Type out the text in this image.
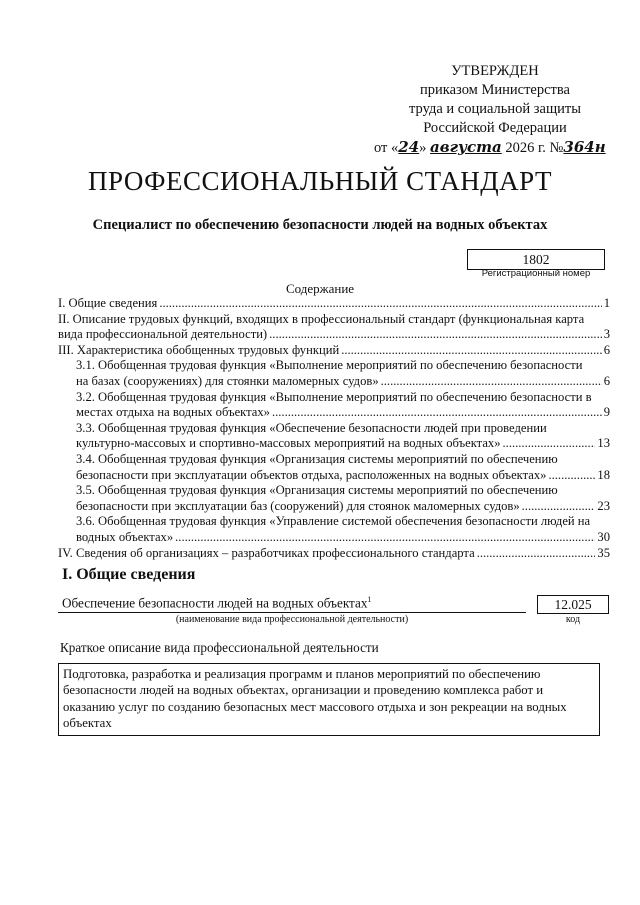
УТВЕРЖДЕН
приказом Министерства
труда и социальной защиты
Российской Федерации
от «24» августа 2026 г. №364н
ПРОФЕССИОНАЛЬНЫЙ СТАНДАРТ
Специалист по обеспечению безопасности людей на водных объектах
1802
Регистрационный номер
Содержание
I. Общие сведения .....	1
II. Описание трудовых функций, входящих в профессиональный стандарт (функциональная карта
вида профессиональной деятельности) .....	3
III. Характеристика обобщенных трудовых функций .....	6
3.1. Обобщенная трудовая функция «Выполнение мероприятий по обеспечению безопасности
на базах (сооружениях) для стоянки маломерных судов» .....	6
3.2. Обобщенная трудовая функция «Выполнение мероприятий по обеспечению безопасности в
местах отдыха на водных объектах» .....	9
3.3. Обобщенная трудовая функция «Обеспечение безопасности людей при проведении
культурно-массовых и спортивно-массовых мероприятий на водных объектах» .....	13
3.4. Обобщенная трудовая функция «Организация системы мероприятий по обеспечению
безопасности при эксплуатации объектов отдыха, расположенных на водных объектах» .....	18
3.5. Обобщенная трудовая функция «Организация системы мероприятий по обеспечению
безопасности при эксплуатации баз (сооружений) для стоянок маломерных судов» .....	23
3.6. Обобщенная трудовая функция «Управление системой обеспечения безопасности людей на
водных объектах» .....	30
IV. Сведения об организациях – разработчиках профессионального стандарта .....	35
I. Общие сведения
Обеспечение безопасности людей на водных объектах$^1$
(наименование вида профессиональной деятельности)
12.025
код
Краткое описание вида профессиональной деятельности
Подготовка, разработка и реализация программ и планов мероприятий по обеспечению безопасности людей на водных объектах, организации и проведению комплекса работ и оказанию услуг по созданию безопасных мест массового отдыха и зон рекреации на водных объектах
